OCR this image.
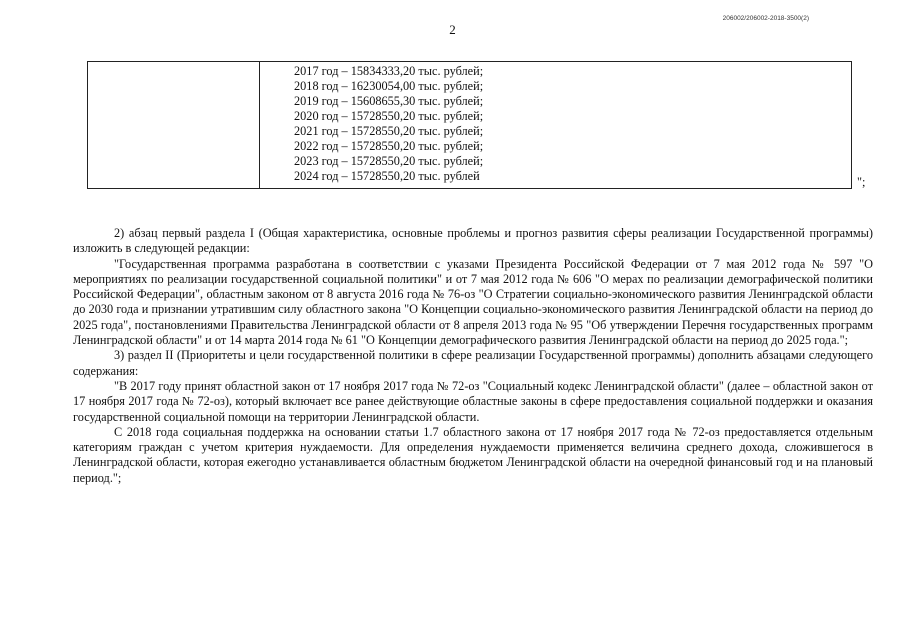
2
206002/206002-2018-3500(2)
2017 год – 15834333,20 тыс. рублей;
2018 год – 16230054,00 тыс. рублей;
2019 год – 15608655,30 тыс. рублей;
2020 год – 15728550,20 тыс. рублей;
2021 год – 15728550,20 тыс. рублей;
2022 год – 15728550,20 тыс. рублей;
2023 год – 15728550,20 тыс. рублей;
2024 год – 15728550,20 тыс. рублей	";

2) абзац первый раздела I (Общая характеристика, основные проблемы и прогноз развития сферы реализации Государственной программы) изложить в следующей редакции:

"Государственная программа разработана в соответствии с указами Президента Российской Федерации от 7 мая 2012 года № 597 "О мероприятиях по реализации государственной социальной политики" и от 7 мая 2012 года № 606 "О мерах по реализации демографической политики Российской Федерации", областным законом от 8 августа 2016 года № 76-оз "О Стратегии социально-экономического развития Ленинградской области до 2030 года и признании утратившим силу областного закона "О Концепции социально-экономического развития Ленинградской области на период до 2025 года", постановлениями Правительства Ленинградской области от 8 апреля 2013 года № 95 "Об утверждении Перечня государственных программ Ленинградской области" и от 14 марта 2014 года № 61 "О Концепции демографического развития Ленинградской области на период до 2025 года.";

3) раздел II (Приоритеты и цели государственной политики в сфере реализации Государственной программы) дополнить абзацами следующего содержания:

"В 2017 году принят областной закон от 17 ноября 2017 года № 72-оз "Социальный кодекс Ленинградской области" (далее – областной закон от 17 ноября 2017 года № 72-оз), который включает все ранее действующие областные законы в сфере предоставления социальной поддержки и оказания государственной социальной помощи на территории Ленинградской области.

С 2018 года социальная поддержка на основании статьи 1.7 областного закона от 17 ноября 2017 года № 72-оз предоставляется отдельным категориям граждан с учетом критерия нуждаемости. Для определения нуждаемости применяется величина среднего дохода, сложившегося в Ленинградской области, которая ежегодно устанавливается областным бюджетом Ленинградской области на очередной финансовый год и на плановый период.";
